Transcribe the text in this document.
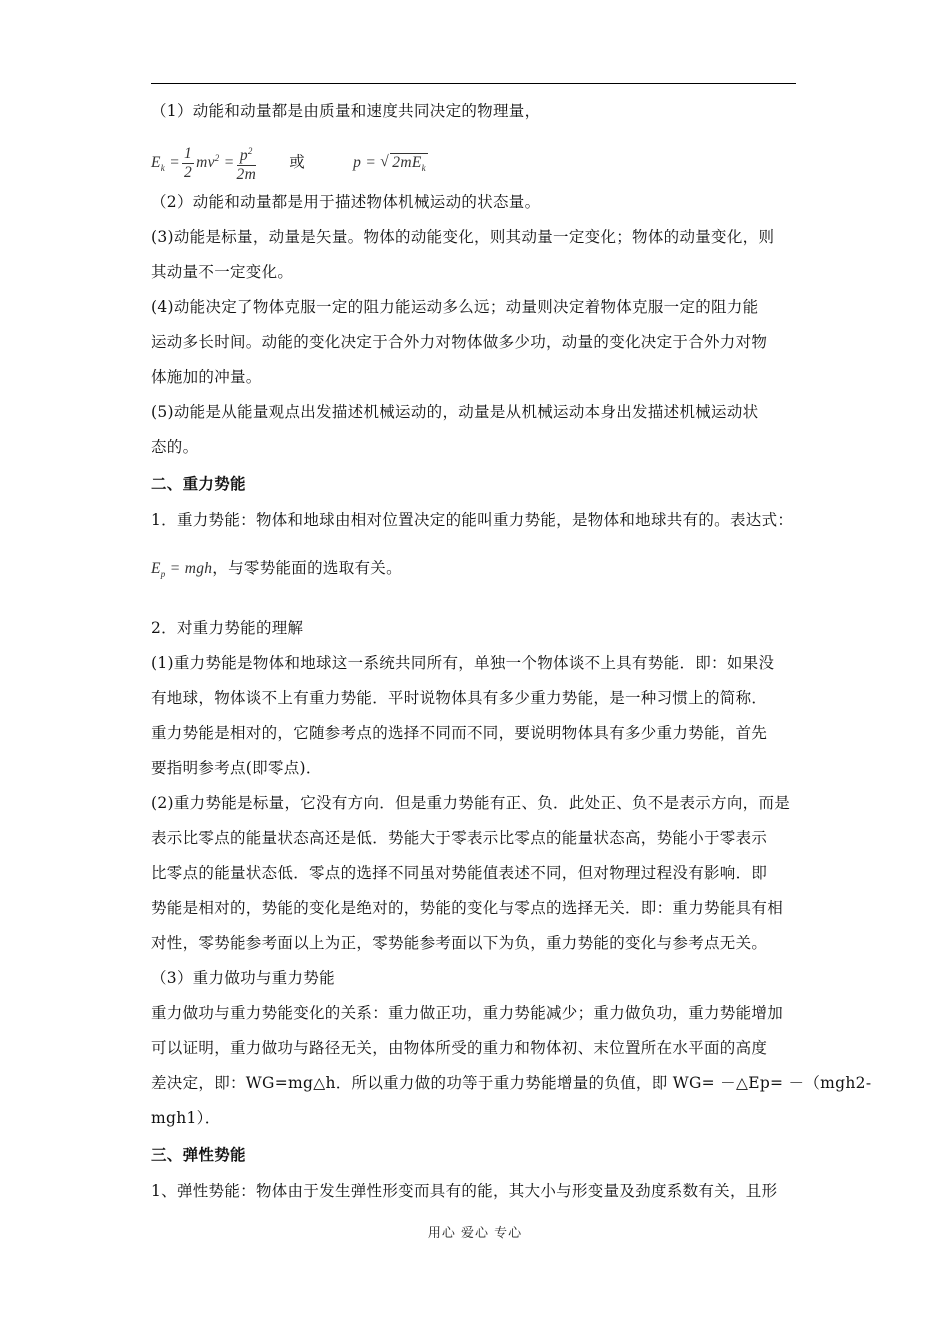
（1）动能和动量都是由质量和速度共同决定的物理量，
$E_k = \frac{1}{2} mv^2 = \frac{p^2}{2m}$ 或	p = √ $2mE_k$
（2）动能和动量都是用于描述物体机械运动的状态量。
(3)动能是标量，动量是矢量。物体的动能变化，则其动量一定变化；物体的动量变化，则
其动量不一定变化。
(4)动能决定了物体克服一定的阻力能运动多么远；动量则决定着物体克服一定的阻力能
运动多长时间。动能的变化决定于合外力对物体做多少功，动量的变化决定于合外力对物
体施加的冲量。
(5)动能是从能量观点出发描述机械运动的，动量是从机械运动本身出发描述机械运动状
态的。
二、重力势能
1．重力势能：物体和地球由相对位置决定的能叫重力势能，是物体和地球共有的。表达式：
$E_p$ = mgh，与零势能面的选取有关。
2．对重力势能的理解
(1)重力势能是物体和地球这一系统共同所有，单独一个物体谈不上具有势能．即：如果没
有地球，物体谈不上有重力势能．平时说物体具有多少重力势能，是一种习惯上的简称．
重力势能是相对的，它随参考点的选择不同而不同，要说明物体具有多少重力势能，首先
要指明参考点(即零点)．
(2)重力势能是标量，它没有方向．但是重力势能有正、负．此处正、负不是表示方向，而是
表示比零点的能量状态高还是低．势能大于零表示比零点的能量状态高，势能小于零表示
比零点的能量状态低．零点的选择不同虽对势能值表述不同，但对物理过程没有影响．即
势能是相对的，势能的变化是绝对的，势能的变化与零点的选择无关．即：重力势能具有相
对性，零势能参考面以上为正，零势能参考面以下为负，重力势能的变化与参考点无关。
（3）重力做功与重力势能
重力做功与重力势能变化的关系：重力做正功，重力势能减少；重力做负功，重力势能增加
可以证明，重力做功与路径无关，由物体所受的重力和物体初、末位置所在水平面的高度
差决定，即：WG=mg△h．所以重力做的功等于重力势能增量的负值，即 WG= －△Ep= －（mgh2-
mgh1）．
三、弹性势能
1、弹性势能：物体由于发生弹性形变而具有的能，其大小与形变量及劲度系数有关，且形
用心 爱心 专心
